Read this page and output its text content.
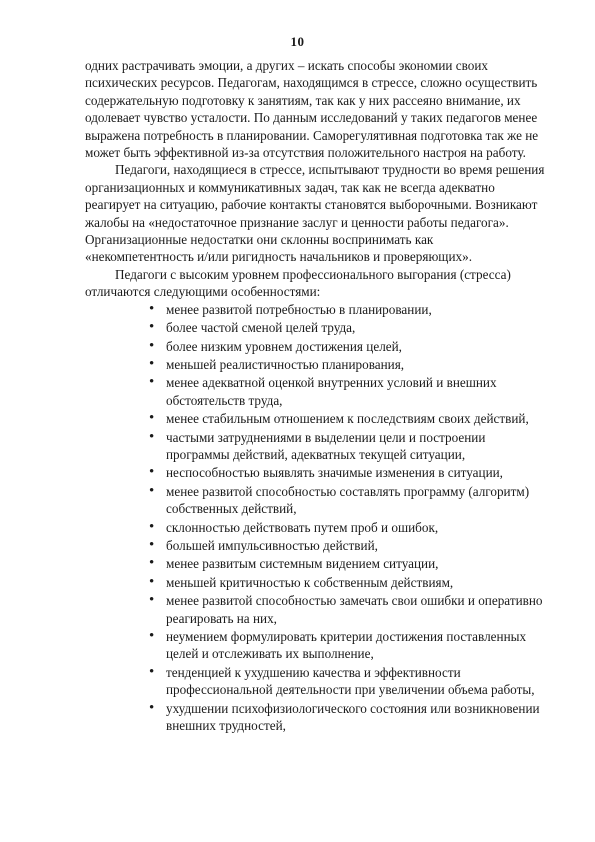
10

одних растрачивать эмоции, а других – искать способы экономии своих психических ресурсов. Педагогам, находящимся в стрессе, сложно осуществить содержательную подготовку к занятиям, так как у них рассеяно внимание, их одолевает чувство усталости. По данным исследований у таких педагогов менее выражена потребность в планировании. Саморегулятивная подготовка так же не может быть эффективной из-за отсутствия положительного настроя на работу.

Педагоги, находящиеся в стрессе, испытывают трудности во время решения организационных и коммуникативных задач, так как не всегда адекватно реагирует на ситуацию, рабочие контакты становятся выборочными. Возникают жалобы на «недостаточное признание заслуг и ценности работы педагога». Организационные недостатки они склонны воспринимать как «некомпетентность и/или ригидность начальников и проверяющих».

Педагоги с высоким уровнем профессионального выгорания (стресса) отличаются следующими особенностями:

• менее развитой потребностью в планировании,
• более частой сменой целей труда,
• более низким уровнем достижения целей,
• меньшей реалистичностью планирования,
• менее адекватной оценкой внутренних условий и внешних обстоятельств труда,
• менее стабильным отношением к последствиям своих действий,
• частыми затруднениями в выделении цели и построении программы действий, адекватных текущей ситуации,
• неспособностью выявлять значимые изменения в ситуации,
• менее развитой способностью составлять программу (алгоритм) собственных действий,
• склонностью действовать путем проб и ошибок,
• большей импульсивностью действий,
• менее развитым системным видением ситуации,
• меньшей критичностью к собственным действиям,
• менее развитой способностью замечать свои ошибки и оперативно реагировать на них,
• неумением формулировать критерии достижения поставленных целей и отслеживать их выполнение,
• тенденцией к ухудшению качества и эффективности профессиональной деятельности при увеличении объема работы,
• ухудшении психофизиологического состояния или возникновении внешних трудностей,
